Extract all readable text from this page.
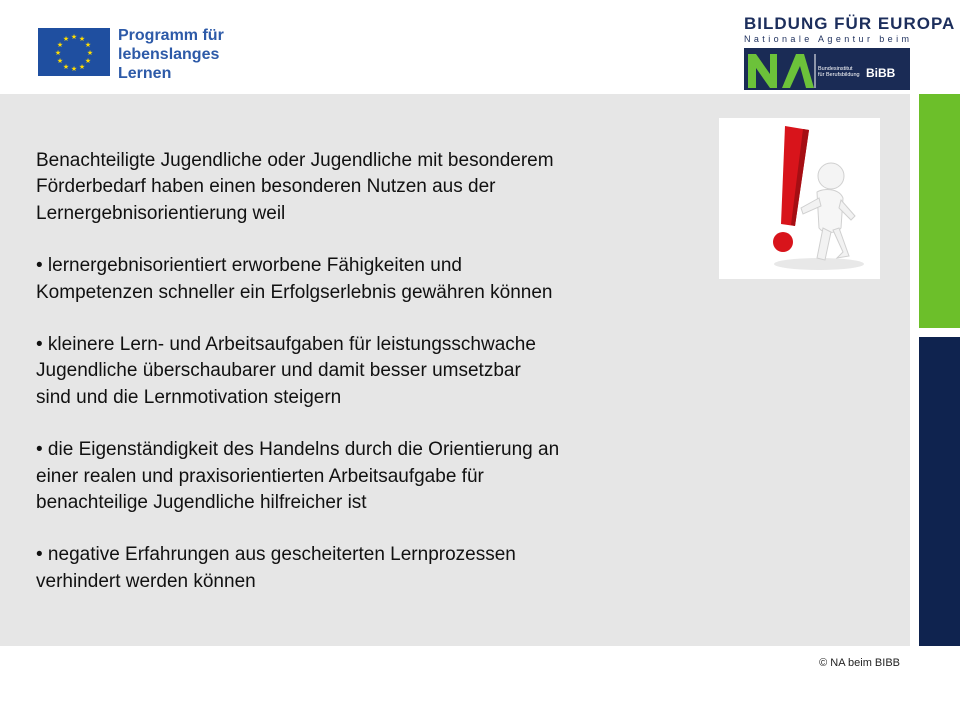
★ ★
★
★
★
★
★
★
★
★
★
★	Programm für
lebenslanges
Lernen
BILDUNG FÜR EUROPA
Nationale Agentur beim
Bundesinstitut
für Berufsbildung BiBB

Benachteiligte Jugendliche oder Jugendliche mit besonderem

Förderbedarf haben einen besonderen Nutzen aus der

Lernergebnisorientierung weil

• lernergebnisorientiert erworbene Fähigkeiten und

Kompetenzen schneller ein Erfolgserlebnis gewähren können

• kleinere Lern- und Arbeitsaufgaben für leistungsschwache

Jugendliche überschaubarer und damit besser umsetzbar

sind und die Lernmotivation steigern

• die Eigenständigkeit des Handelns durch die Orientierung an

einer realen und praxisorientierten Arbeitsaufgabe für

benachteilige Jugendliche hilfreicher ist

• negative Erfahrungen aus gescheiterten Lernprozessen

verhindert werden können

© NA beim BIBB
